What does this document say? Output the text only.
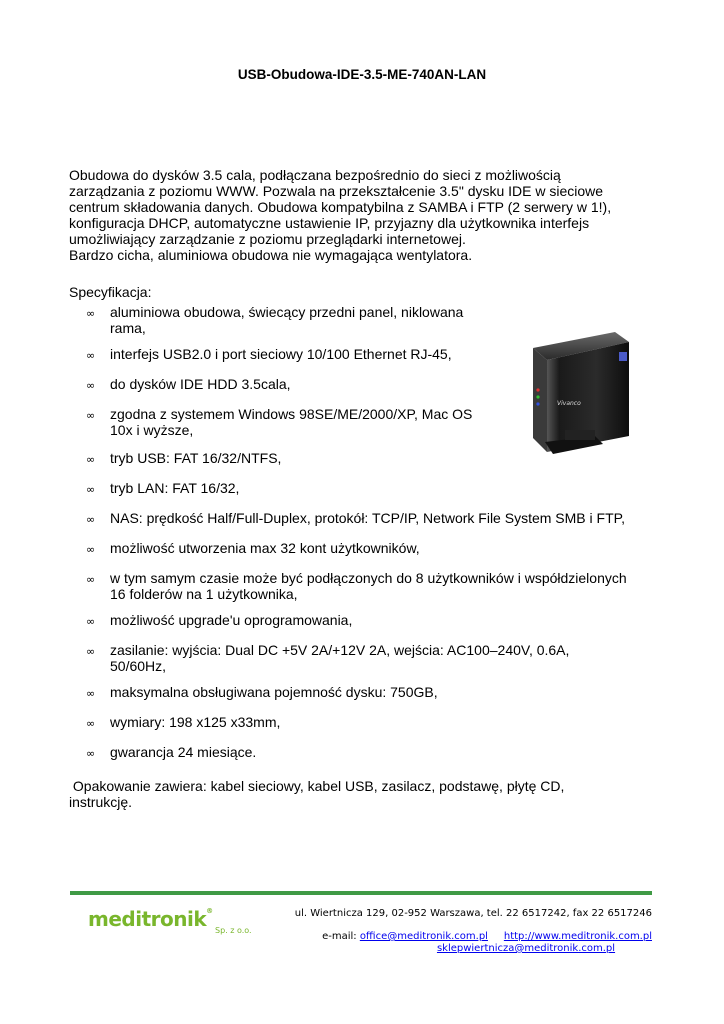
USB-Obudowa-IDE-3.5-ME-740AN-LAN

Obudowa do dysków 3.5 cala, podłączana bezpośrednio do sieci z możliwością

zarządzania z poziomu WWW. Pozwala na przekształcenie 3.5" dysku IDE w sieciowe

centrum składowania danych. Obudowa kompatybilna z SAMBA i FTP (2 serwery w 1!),

konfiguracja DHCP, automatyczne ustawienie IP, przyjazny dla użytkownika interfejs

umożliwiający zarządzanie z poziomu przeglądarki internetowej.

Bardzo cicha, aluminiowa obudowa nie wymagająca wentylatora.

Specyfikacja:
∞	aluminiowa obudowa, świecący przedni panel, niklowana
rama,
∞	interfejs USB2.0 i port sieciowy 10/100 Ethernet RJ-45,
∞	do dysków IDE HDD 3.5cala,
∞	zgodna z systemem Windows 98SE/ME/2000/XP, Mac OS
10x i wyższe,
∞	tryb USB: FAT 16/32/NTFS,
∞	tryb LAN: FAT 16/32,
∞	NAS: prędkość Half/Full-Duplex, protokół: TCP/IP, Network File System SMB i FTP,
∞	możliwość utworzenia max 32 kont użytkowników,
∞	w tym samym czasie może być podłączonych do 8 użytkowników i współdzielonych
16 folderów na 1 użytkownika,
∞	możliwość upgrade'u oprogramowania,
∞	zasilanie: wyjścia: Dual DC +5V 2A/+12V 2A, wejścia: AC100–240V, 0.6A,
50/60Hz,
∞	maksymalna obsługiwana pojemność dysku: 750GB,
∞	wymiary: 198 x125 x33mm,
∞	gwarancja 24 miesiące.
Vivanco
Opakowanie zawiera: kabel sieciowy, kabel USB, zasilacz, podstawę, płytę CD,
instrukcję.
meditronik®
Sp. z o.o.
ul. Wiertnicza 129, 02-952 Warszawa, tel. 22 6517242, fax 22 6517246
e-mail: office@meditronik.com.pl http://www.meditronik.com.pl
sklepwiertnicza@meditronik.com.pl
